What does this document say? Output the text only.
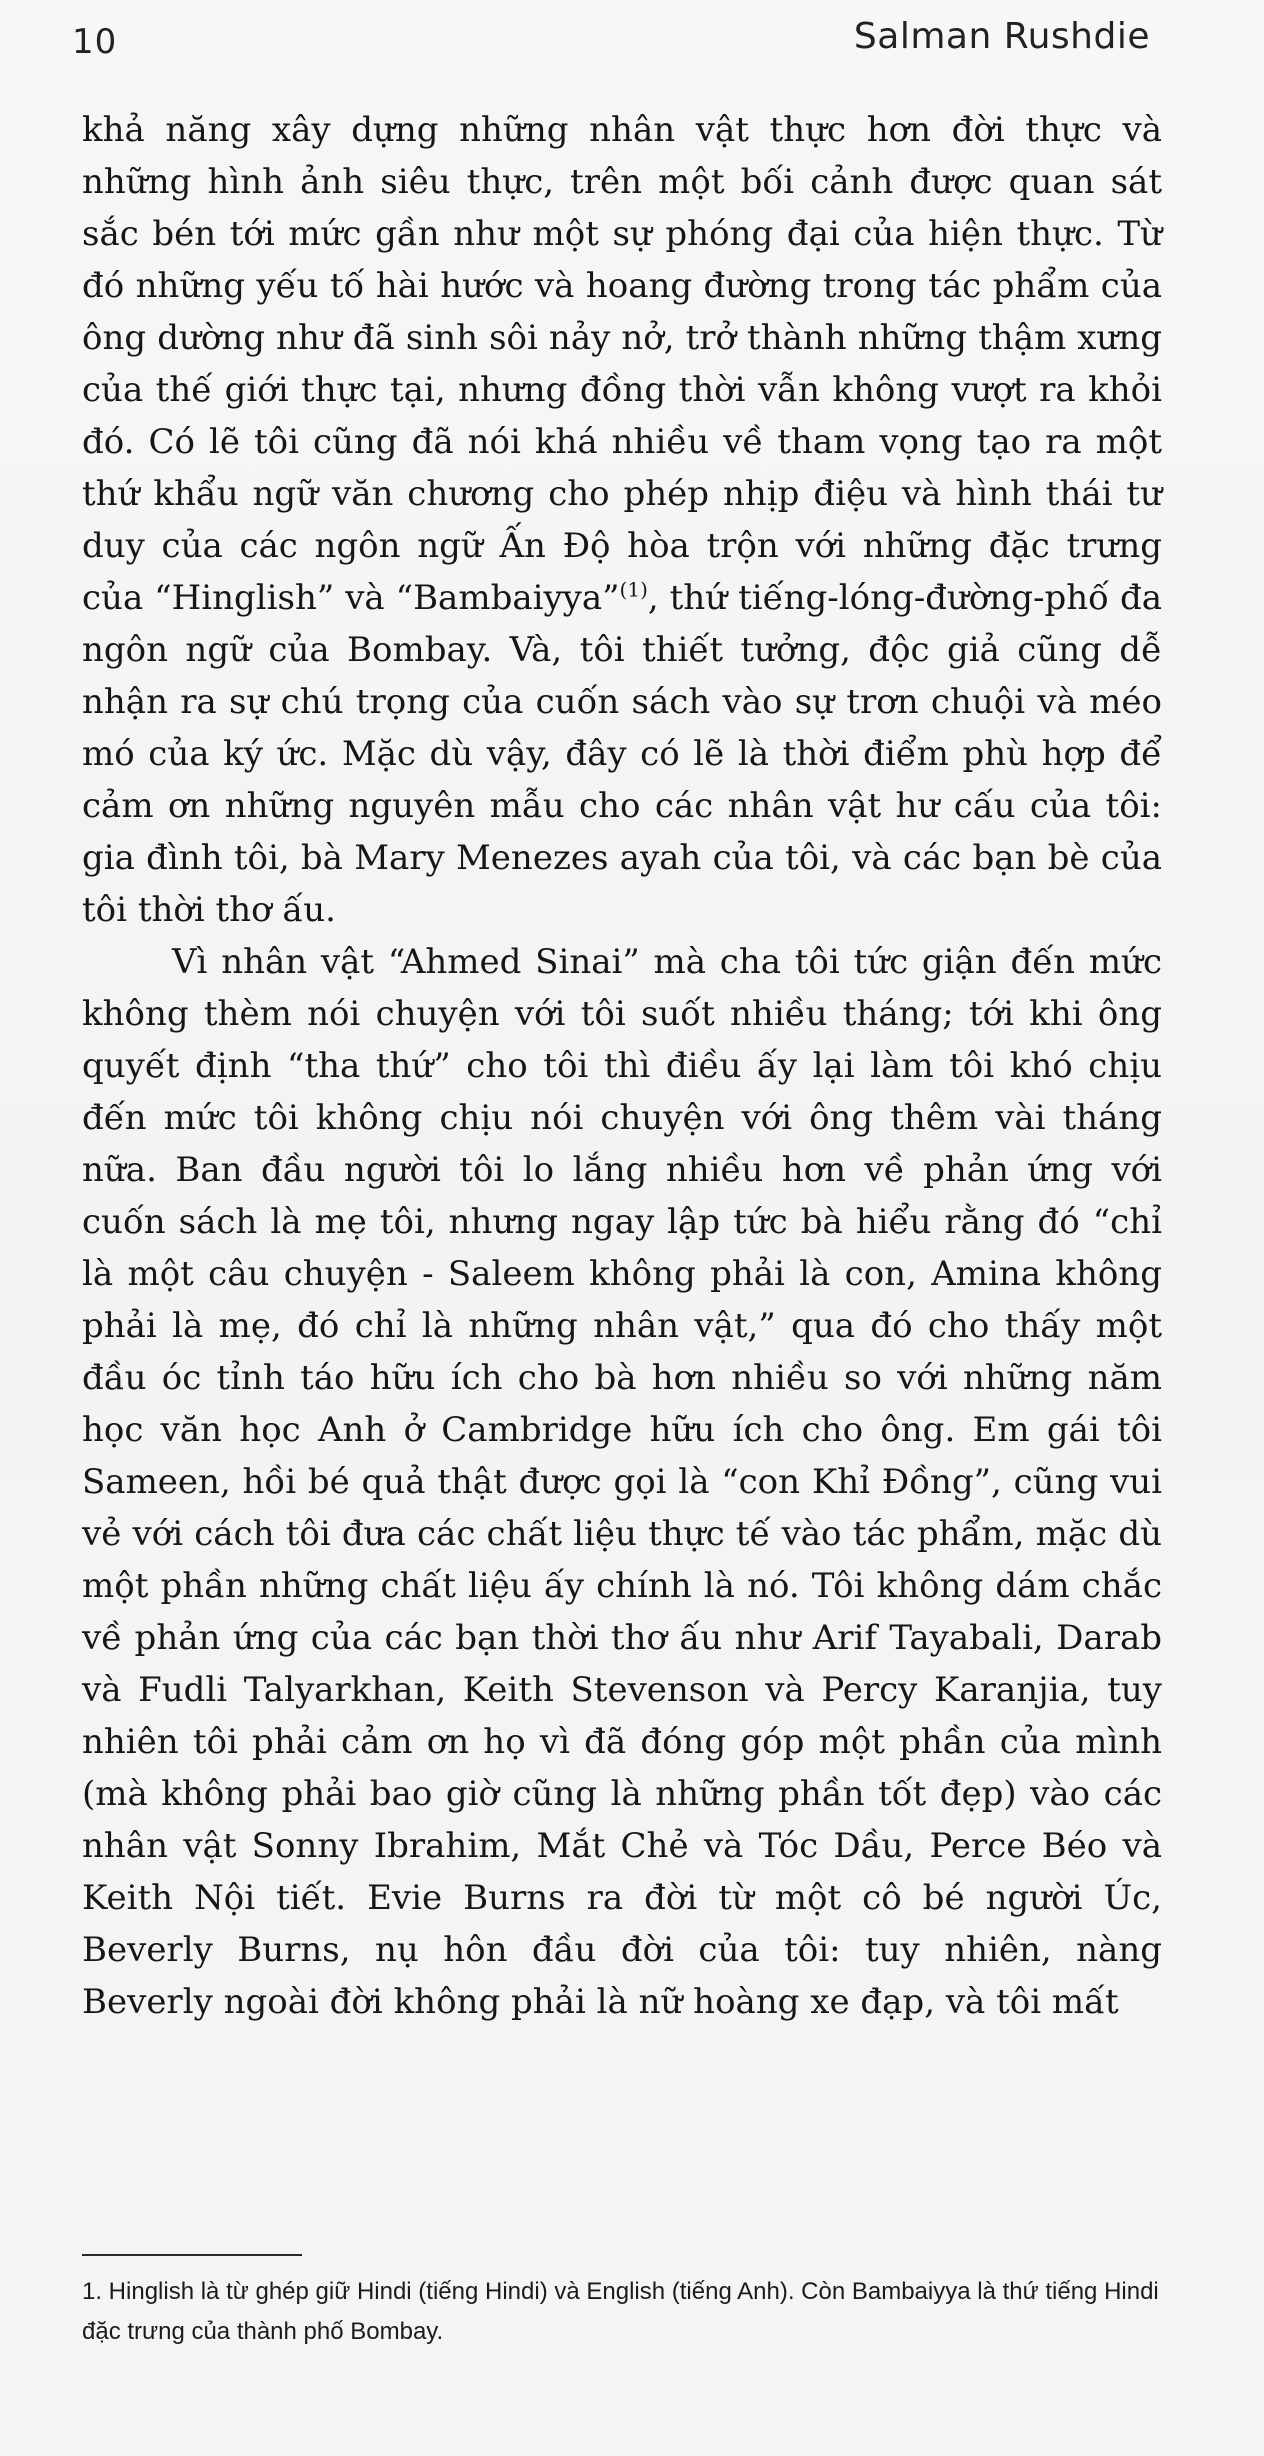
10	Salman Rushdie

khả năng xây dựng những nhân vật thực hơn đời thực và những hình ảnh siêu thực, trên một bối cảnh được quan sát sắc bén tới mức gần như một sự phóng đại của hiện thực. Từ đó những yếu tố hài hước và hoang đường trong tác phẩm của ông dường như đã sinh sôi nảy nở, trở thành những thậm xưng của thế giới thực tại, nhưng đồng thời vẫn không vượt ra khỏi đó. Có lẽ tôi cũng đã nói khá nhiều về tham vọng tạo ra một thứ khẩu ngữ văn chương cho phép nhịp điệu và hình thái tư duy của các ngôn ngữ Ấn Độ hòa trộn với những đặc trưng của “Hinglish” và “Bambaiyya”$^{(1)}$, thứ tiếng-lóng-đường-phố đa ngôn ngữ của Bombay. Và, tôi thiết tưởng, độc giả cũng dễ nhận ra sự chú trọng của cuốn sách vào sự trơn chuội và méo mó của ký ức. Mặc dù vậy, đây có lẽ là thời điểm phù hợp để cảm ơn những nguyên mẫu cho các nhân vật hư cấu của tôi: gia đình tôi, bà Mary Menezes ayah của tôi, và các bạn bè của tôi thời thơ ấu.

Vì nhân vật “Ahmed Sinai” mà cha tôi tức giận đến mức không thèm nói chuyện với tôi suốt nhiều tháng; tới khi ông quyết định “tha thứ” cho tôi thì điều ấy lại làm tôi khó chịu đến mức tôi không chịu nói chuyện với ông thêm vài tháng nữa. Ban đầu người tôi lo lắng nhiều hơn về phản ứng với cuốn sách là mẹ tôi, nhưng ngay lập tức bà hiểu rằng đó “chỉ là một câu chuyện - Saleem không phải là con, Amina không phải là mẹ, đó chỉ là những nhân vật,” qua đó cho thấy một đầu óc tỉnh táo hữu ích cho bà hơn nhiều so với những năm học văn học Anh ở Cambridge hữu ích cho ông. Em gái tôi Sameen, hồi bé quả thật được gọi là “con Khỉ Đồng”, cũng vui vẻ với cách tôi đưa các chất liệu thực tế vào tác phẩm, mặc dù một phần những chất liệu ấy chính là nó. Tôi không dám chắc về phản ứng của các bạn thời thơ ấu như Arif Tayabali, Darab và Fudli Talyarkhan, Keith Stevenson và Percy Karanjia, tuy nhiên tôi phải cảm ơn họ vì đã đóng góp một phần của mình (mà không phải bao giờ cũng là những phần tốt đẹp) vào các nhân vật Sonny Ibrahim, Mắt Chẻ và Tóc Dầu, Perce Béo và Keith Nội tiết. Evie Burns ra đời từ một cô bé người Úc, Beverly Burns, nụ hôn đầu đời của tôi: tuy nhiên, nàng Beverly ngoài đời không phải là nữ hoàng xe đạp, và tôi mất

1. Hinglish là từ ghép giữ Hindi (tiếng Hindi) và English (tiếng Anh). Còn Bambaiyya là thứ tiếng Hindi đặc trưng của thành phố Bombay.
